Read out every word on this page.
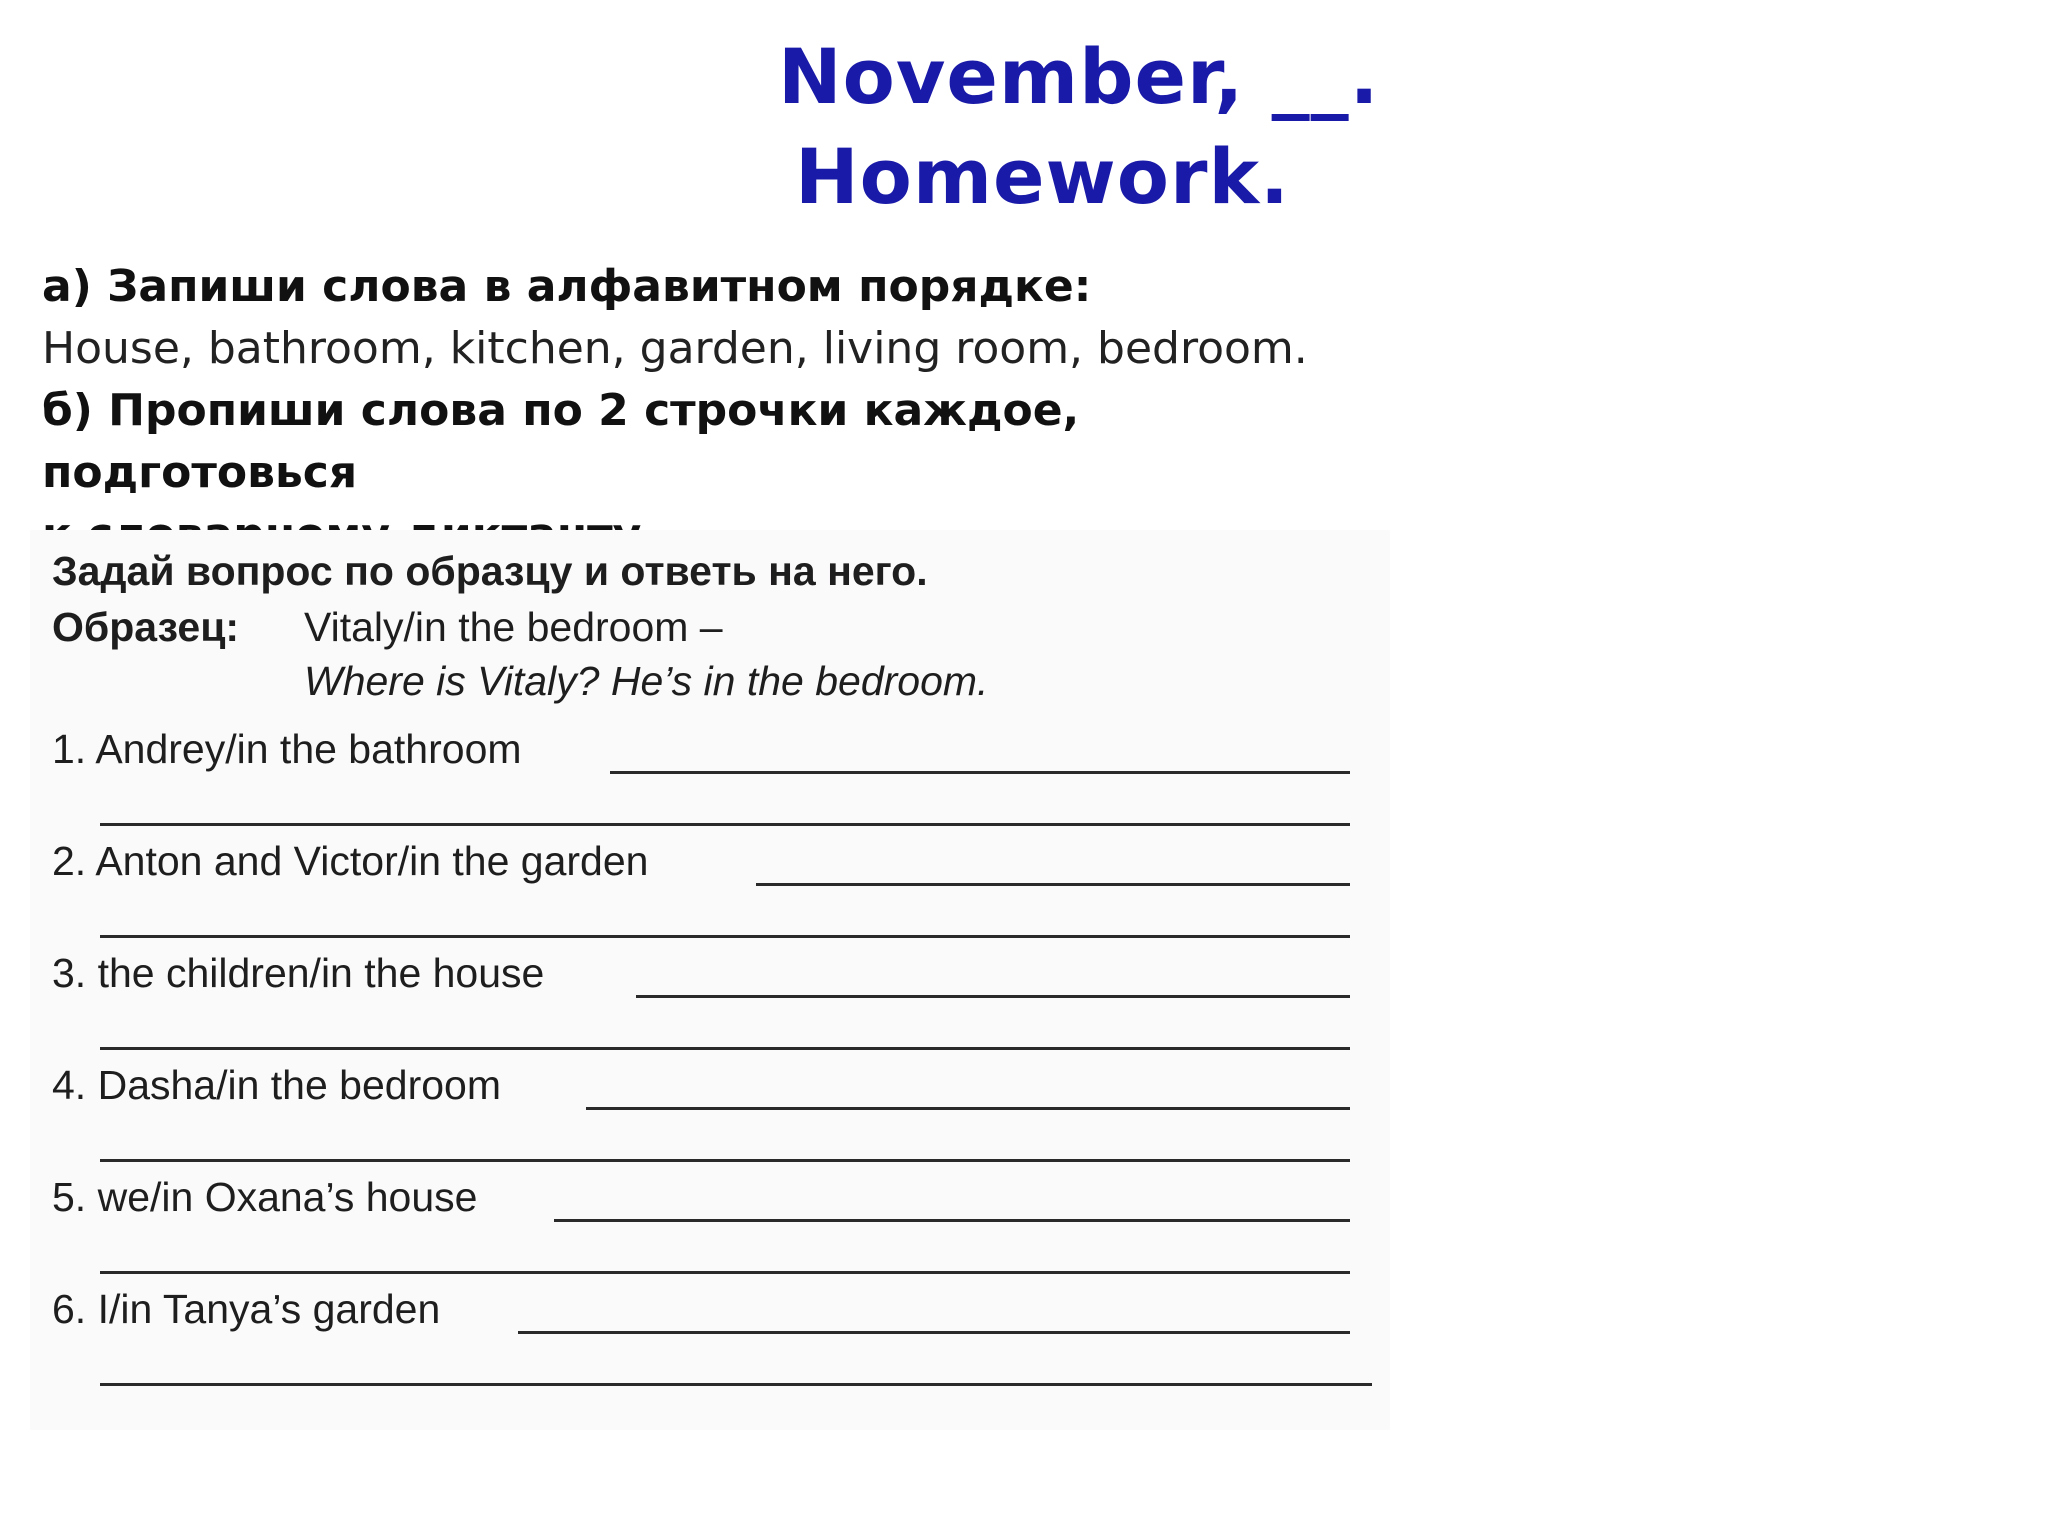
November, __.
Homework.
а) Запиши слова в алфавитном порядке:
House, bathroom, kitchen, garden, living room, bedroom.
б) Пропиши слова по 2 строчки каждое, подготовься
Задай вопрос по образцу и ответь на него.
Образец: Vitaly/in the bedroom –
Where is Vitaly? He’s in the bedroom.
1. Andrey/in the bathroom
2. Anton and Victor/in the garden
3. the children/in the house
4. Dasha/in the bedroom
5. we/in Oxana’s house
6. I/in Tanya’s garden
